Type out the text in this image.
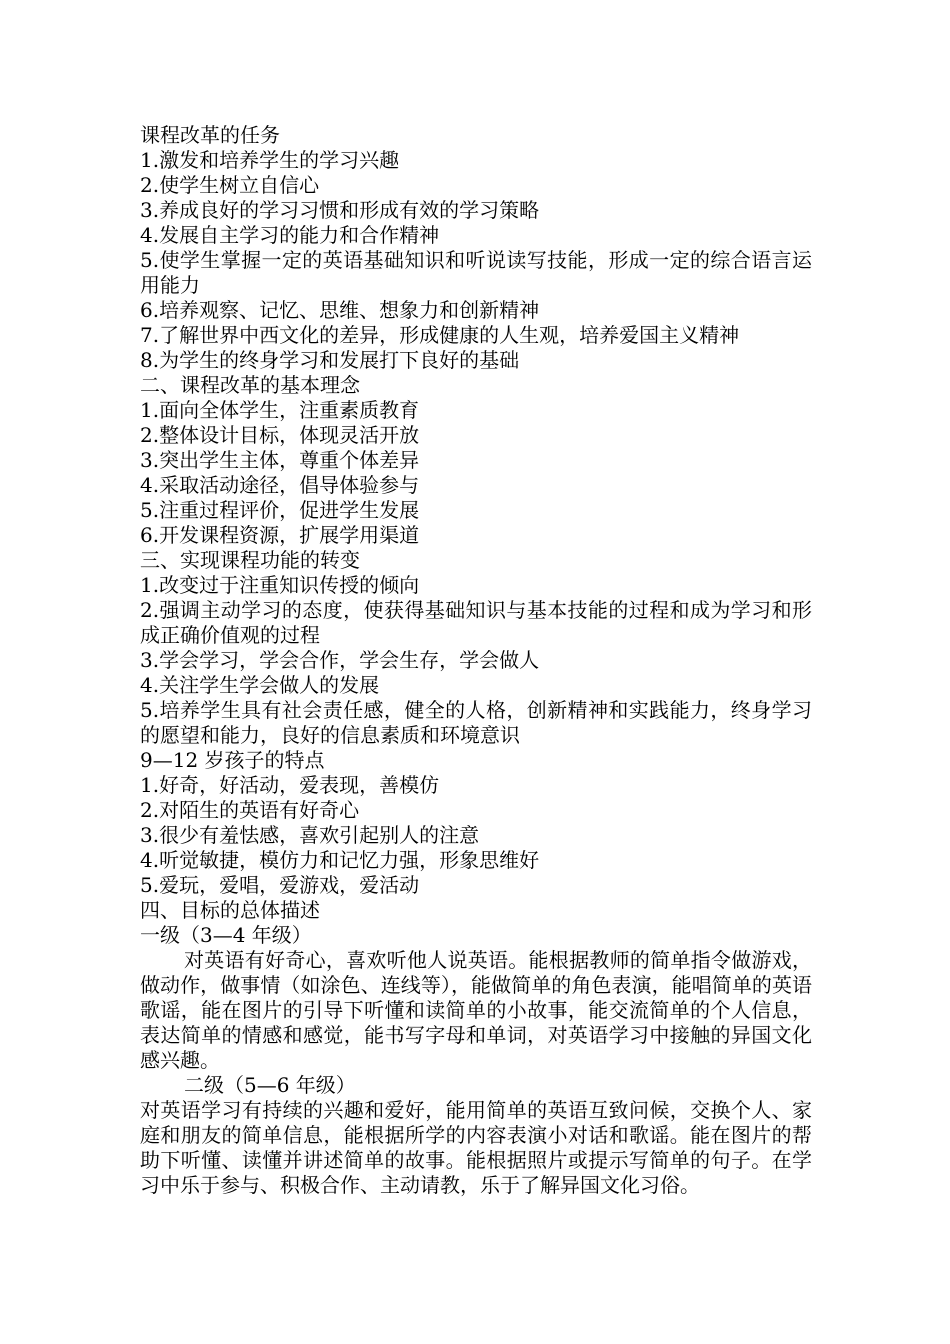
课程改革的任务
1.激发和培养学生的学习兴趣
2.使学生树立自信心
3.养成良好的学习习惯和形成有效的学习策略
4.发展自主学习的能力和合作精神
5.使学生掌握一定的英语基础知识和听说读写技能，形成一定的综合语言运用能力
6.培养观察、记忆、思维、想象力和创新精神
7.了解世界中西文化的差异，形成健康的人生观，培养爱国主义精神
8.为学生的终身学习和发展打下良好的基础
二、课程改革的基本理念
1.面向全体学生，注重素质教育
2.整体设计目标，体现灵活开放
3.突出学生主体，尊重个体差异
4.采取活动途径，倡导体验参与
5.注重过程评价，促进学生发展
6.开发课程资源，扩展学用渠道
三、实现课程功能的转变
1.改变过于注重知识传授的倾向
2.强调主动学习的态度，使获得基础知识与基本技能的过程和成为学习和形成正确价值观的过程
3.学会学习，学会合作，学会生存，学会做人
4.关注学生学会做人的发展
5.培养学生具有社会责任感，健全的人格，创新精神和实践能力，终身学习的愿望和能力，良好的信息素质和环境意识
9—12 岁孩子的特点
1.好奇，好活动，爱表现，善模仿
2.对陌生的英语有好奇心
3.很少有羞怯感，喜欢引起别人的注意
4.听觉敏捷，模仿力和记忆力强，形象思维好
5.爱玩，爱唱，爱游戏，爱活动
四、目标的总体描述
一级（3—4 年级）
对英语有好奇心，喜欢听他人说英语。能根据教师的简单指令做游戏，做动作，做事情（如涂色、连线等），能做简单的角色表演，能唱简单的英语歌谣，能在图片的引导下听懂和读简单的小故事，能交流简单的个人信息，表达简单的情感和感觉，能书写字母和单词，对英语学习中接触的异国文化感兴趣。
二级（5—6 年级）
对英语学习有持续的兴趣和爱好，能用简单的英语互致问候，交换个人、家庭和朋友的简单信息，能根据所学的内容表演小对话和歌谣。能在图片的帮助下听懂、读懂并讲述简单的故事。能根据照片或提示写简单的句子。在学习中乐于参与、积极合作、主动请教，乐于了解异国文化习俗。
